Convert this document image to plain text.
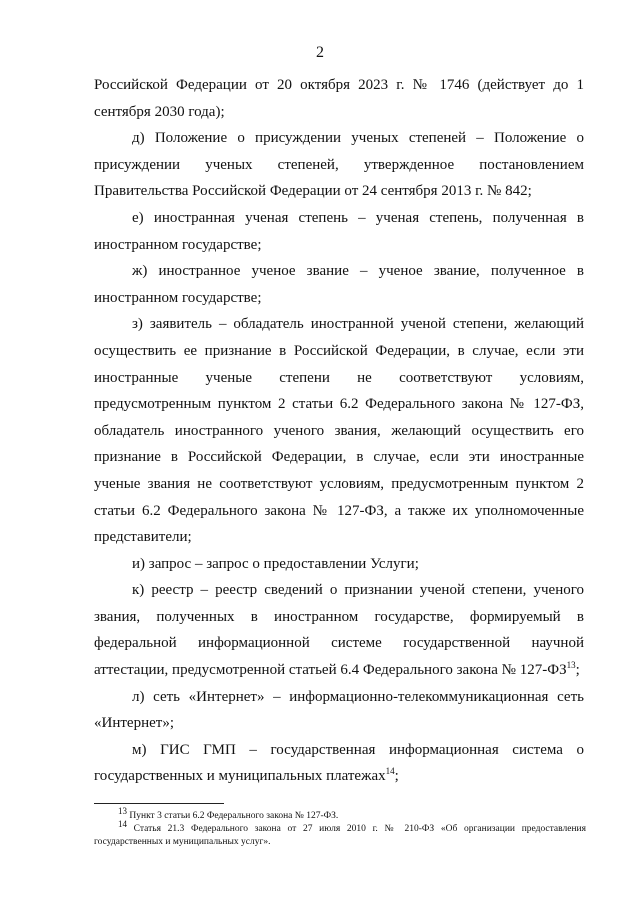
2

Российской Федерации от 20 октября 2023 г. № 1746 (действует до 1 сентября 2030 года);

д) Положение о присуждении ученых степеней – Положение о присуждении ученых степеней, утвержденное постановлением Правительства Российской Федерации от 24 сентября 2013 г. № 842;

е) иностранная ученая степень – ученая степень, полученная в иностранном государстве;

ж) иностранное ученое звание – ученое звание, полученное в иностранном государстве;

з) заявитель – обладатель иностранной ученой степени, желающий осуществить ее признание в Российской Федерации, в случае, если эти иностранные ученые степени не соответствуют условиям, предусмотренным пунктом 2 статьи 6.2 Федерального закона № 127-ФЗ, обладатель иностранного ученого звания, желающий осуществить его признание в Российской Федерации, в случае, если эти иностранные ученые звания не соответствуют условиям, предусмотренным пунктом 2 статьи 6.2 Федерального закона № 127-ФЗ, а также их уполномоченные представители;

и) запрос – запрос о предоставлении Услуги;

к) реестр – реестр сведений о признании ученой степени, ученого звания, полученных в иностранном государстве, формируемый в федеральной информационной системе государственной научной аттестации, предусмотренной статьей 6.4 Федерального закона № 127-ФЗ$^{13}$;

л) сеть «Интернет» – информационно-телекоммуникационная сеть «Интернет»;

м) ГИС ГМП – государственная информационная система о государственных и муниципальных платежах$^{14}$;

$^{13}$ Пункт 3 статьи 6.2 Федерального закона № 127-ФЗ.

$^{14}$ Статья 21.3 Федерального закона от 27 июля 2010 г. № 210-ФЗ «Об организации предоставления государственных и муниципальных услуг».
